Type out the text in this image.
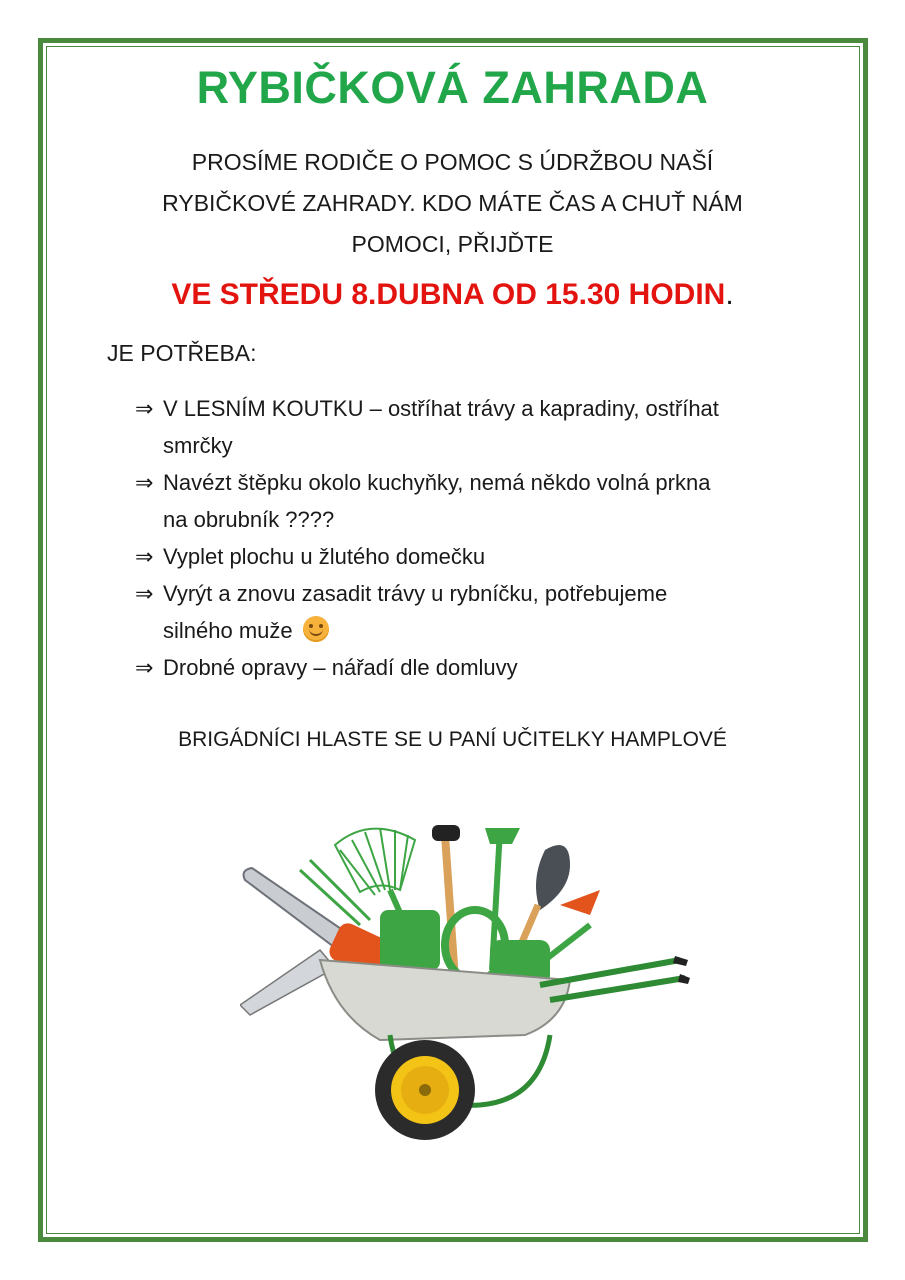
RYBIČKOVÁ ZAHRADA
PROSÍME RODIČE O POMOC S ÚDRŽBOU NAŠÍ
RYBIČKOVÉ ZAHRADY. KDO MÁTE ČAS A CHUŤ NÁM
POMOCI, PŘIJĎTE
VE STŘEDU 8.DUBNA OD 15.30 HODIN.
JE POTŘEBA:
⇒ V LESNÍM KOUTKU – ostříhat trávy a kapradiny, ostříhat
smrčky
⇒ Navézt štěpku okolo kuchyňky, nemá někdo volná prkna
na obrubník ????
⇒ Vyplet plochu u žlutého domečku
⇒ Vyrýt a znovu zasadit trávy u rybníčku, potřebujeme
silného muže
⇒ Drobné opravy – nářadí dle domluvy
BRIGÁDNÍCI HLASTE SE U PANÍ UČITELKY HAMPLOVÉ
